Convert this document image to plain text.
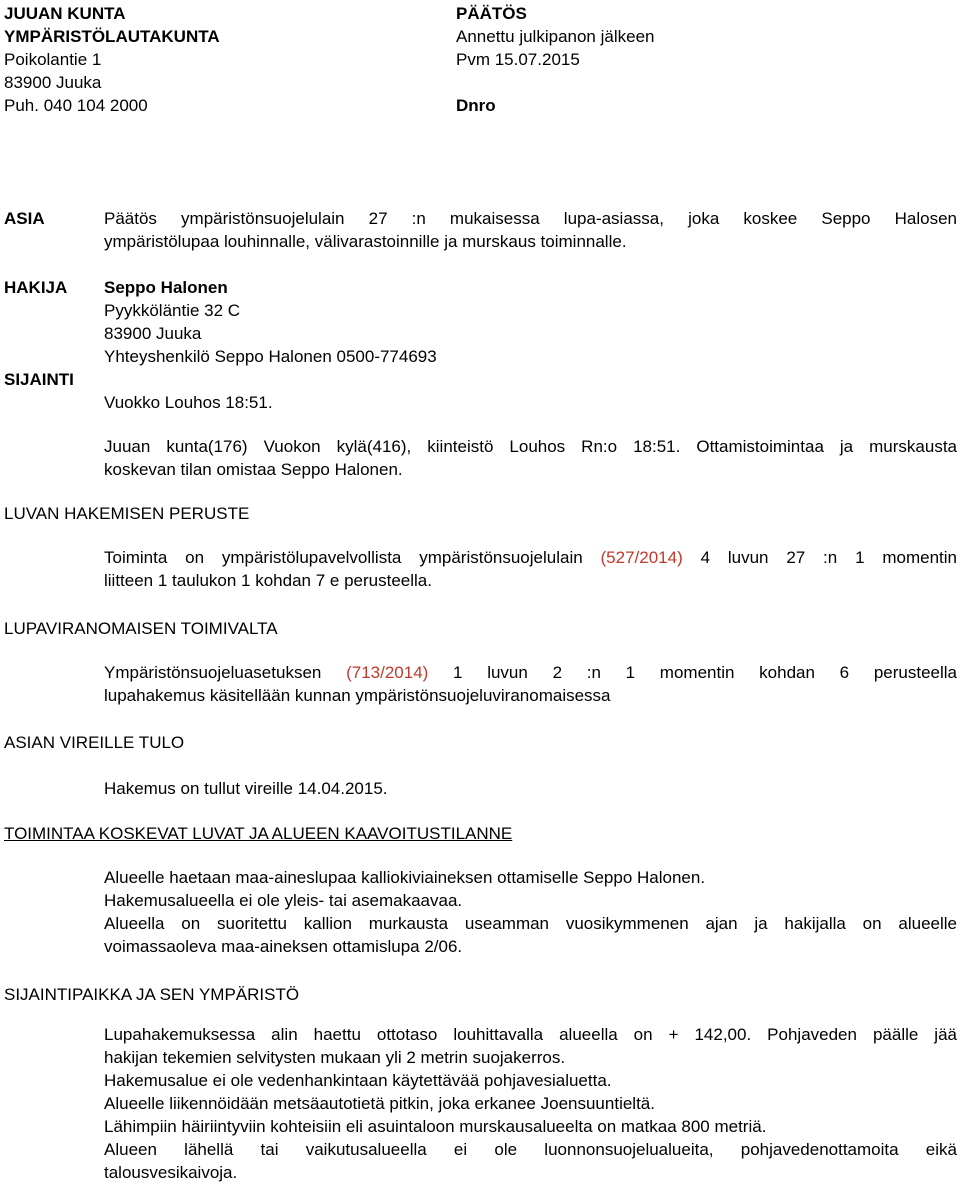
JUUAN KUNTA
YMPÄRISTÖLAUTAKUNTA
Poikolantie 1
83900 Juuka
Puh. 040 104 2000
PÄÄTÖS
Annettu julkipanon jälkeen
Pvm 15.07.2015
Dnro
ASIA	Päätös ympäristönsuojelulain 27 :n mukaisessa lupa-asiassa, joka koskee Seppo Halosen
ympäristölupaa louhinnalle, välivarastoinnille ja murskaus toiminnalle.
HAKIJA Seppo Halonen
Pyykköläntie 32 C
83900 Juuka
Yhteyshenkilö Seppo Halonen 0500-774693
SIJAINTI
Vuokko Louhos 18:51.
Juuan kunta(176) Vuokon kylä(416), kiinteistö Louhos Rn:o 18:51. Ottamistoimintaa ja murskausta
koskevan tilan omistaa Seppo Halonen.
LUVAN HAKEMISEN PERUSTE
Toiminta on ympäristölupavelvollista ympäristönsuojelulain (527/2014) 4 luvun 27 :n 1 momentin
liitteen 1 taulukon 1 kohdan 7 e perusteella.
LUPAVIRANOMAISEN TOIMIVALTA
Ympäristönsuojeluasetuksen (713/2014) 1 luvun 2 :n 1 momentin kohdan 6 perusteella
lupahakemus käsitellään kunnan ympäristönsuojeluviranomaisessa
ASIAN VIREILLE TULO
Hakemus on tullut vireille 14.04.2015.
TOIMINTAA KOSKEVAT LUVAT JA ALUEEN KAAVOITUSTILANNE
Alueelle haetaan maa-aineslupaa kalliokiviaineksen ottamiselle Seppo Halonen.
Hakemusalueella ei ole yleis- tai asemakaavaa.
Alueella on suoritettu kallion murkausta useamman vuosikymmenen ajan ja hakijalla on alueelle
voimassaoleva maa-aineksen ottamislupa 2/06.
SIJAINTIPAIKKA JA SEN YMPÄRISTÖ
Lupahakemuksessa alin haettu ottotaso louhittavalla alueella on + 142,00. Pohjaveden päälle jää
hakijan tekemien selvitysten mukaan yli 2 metrin suojakerros.
Hakemusalue ei ole vedenhankintaan käytettävää pohjavesialuetta.
Alueelle liikennöidään metsäautotietä pitkin, joka erkanee Joensuuntieltä.
Lähimpiin häiriintyviin kohteisiin eli asuintaloon murskausalueelta on matkaa 800 metriä.
Alueen lähellä tai vaikutusalueella ei ole luonnonsuojelualueita, pohjavedenottamoita eikä
talousvesikaivoja.
